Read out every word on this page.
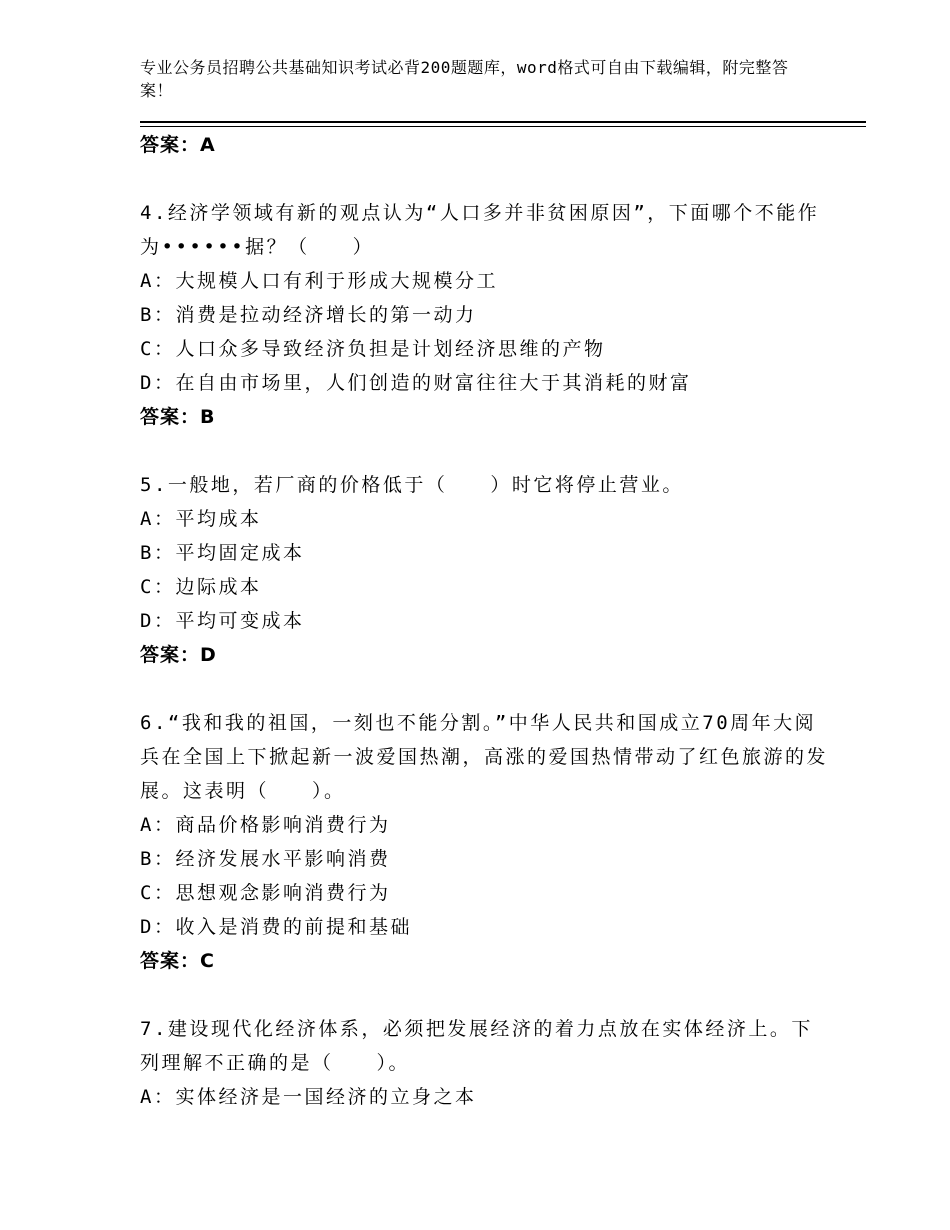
专业公务员招聘公共基础知识考试必背200题题库，word格式可自由下载编辑，附完整答案！
答案：A
4.经济学领域有新的观点认为“人口多并非贫困原因”，下面哪个不能作为••••••据？（　　）
A：大规模人口有利于形成大规模分工
B：消费是拉动经济增长的第一动力
C：人口众多导致经济负担是计划经济思维的产物
D：在自由市场里，人们创造的财富往往大于其消耗的财富
答案：B
5.一般地，若厂商的价格低于（　　）时它将停止营业。
A：平均成本
B：平均固定成本
C：边际成本
D：平均可变成本
答案：D
6.“我和我的祖国，一刻也不能分割。”中华人民共和国成立70周年大阅兵在全国上下掀起新一波爱国热潮，高涨的爱国热情带动了红色旅游的发展。这表明（　　）。
A：商品价格影响消费行为
B：经济发展水平影响消费
C：思想观念影响消费行为
D：收入是消费的前提和基础
答案：C
7.建设现代化经济体系，必须把发展经济的着力点放在实体经济上。下列理解不正确的是（　　）。
A：实体经济是一国经济的立身之本
